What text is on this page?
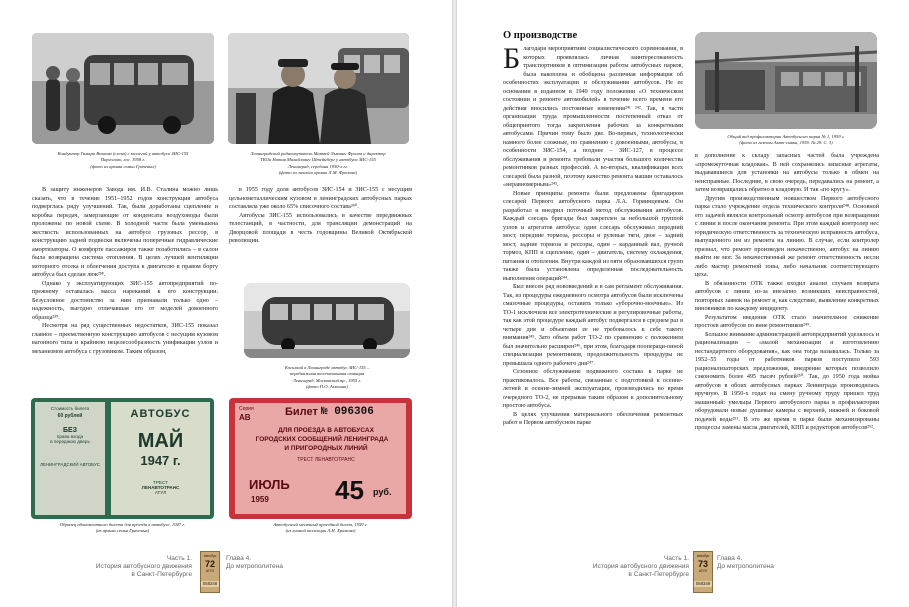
Кондуктор Тамара Волкова (слева) с коллегой у автобуса ЗИС-155
Парголово, гос. 1958 г.
(фото из архива семьи Грачевых)
Ленинградский радиоизупитель Матвей Львович Фролов и директор
ТКОа Натан Михайлович Штейнберг у автобуса ЗИС-155
Ленинград, середина 1950-х гг.
(фото из личного архива Л.М. Фролова)

В защиту инженеров Завода им. И.В. Сталина можно лишь сказать, что в течение 1951–1952 годов конструкция автобуса подверглась ряду улучшений. Так, были доработаны сцепление и коробка передач, замерзающие от конденсата воздуховоды были проложены по новой схеме. В холодной части была уменьшена жесткость использованных на автобусе грузовых рессор, в конструкцию задней подвески включены поперечные гидравлические амортизаторы. О комфорте пассажиров также позаботились – в салон была возвращена система отопления. В целях лучшей вентиляции моторного отсека и облегчения доступа к двигателю в правом борту автобуса был сделан люк²³⁸.

Однако у эксплуатирующих ЗИС-155 автопредприятий по-прежнему оставалась масса нареканий к его конструкции. Безусловное достоинство за ним признавали только одно – надежность, выгодно отличавшая его от моделей довоенного образца²³⁹.

Несмотря на ряд существенных недостатков, ЗИС-155 показал главное – преемственную конструкцию автобусов с несущим кузовом вагонного типа и крайнюю нецелесообразность унификации узлов и механизмов автобуса с грузовиком. Таким образом,

в 1955 году доля автобусов ЗИС-154 и ЗИС-155 с несущим цельнометаллическим кузовом в ленинградских автобусных парках составляла уже около 65% списочного состава²⁴⁰.

Автобусы ЗИС-155 использовались в качестве передвижных телестанций, в частности, для трансляции демонстраций на Дворцовой площади в честь годовщины Великой Октябрьской революции.

Косилкий в Ленинграде автобус ЗИС-155 –
передвижная телевизионная станция
Ленинград, Московский пр., 1955 г.
(фото П.О. Амелина)
Стоимость билета
60 рублей
БЕЗ
права входа
в переднюю дверь
ЛЕНИНГРАДСКИЙ АВТОБУС
АВТОБУС
МАЙ
1947 г.
ТРЕСТ
ЛЕНАВТОТРАНС
АТУЛ
Образец абонементного билета для проезда в автобусе, 1947 г.
(из архива семьи Грачевых)
Серия
АВ	Билет № 096306
ДЛЯ ПРОЕЗДА В АВТОБУСАХ
ГОРОДСКИХ СООБЩЕНИЙ ЛЕНИНГРАДА
И ПРИГОРОДНЫХ ЛИНИЙ
ТРЕСТ ЛЕНАВТОТРАНС
ИЮЛЬ
1959	45 руб.
Автобусный месячный проездной билет, 1959 г.
(из личной коллекции А.Н. Храмова)
Часть 1.
История автобусного движения
в Санкт-Петербурге
Автобус
72
АТУЛ
058348
Глава 4.
До метрополитена
О производстве
Б лагодаря мероприятиям социалистического соревнования, в которых проявлялась личная заинтересованность транспортников в оптимизации работы автобусных парков, была накоплена и обобщена различная информация об особенностях эксплуатации и обслуживания автобусов. Не ее основании в изданном в 1949 году положении «О техническом состоянии и ремонте автомобилей» в течение всего времени его действия вносились постоянные изменения²⁴¹ ²⁴². Так, в части организации труда промышленности постепенный отказ от общеприятого тогда закрепления рабочих за конкретными автобусами. Причин тому было две. Во-первых, технологически намного более сложные, по сравнению с довоенными, автобусы, в особенности ЗИС-154, а позднее – ЗИС-127, в процессе обслуживания и ремонта требовали участия большого количества ремонтников разных профессий. А во-вторых, квалификация всех слесарей была разной, поэтому качество ремонта машин оставалось «неравномерным»²⁴³.

Новые принципы ремонта были предложены бригадиром слесарей Первого автобусного парка Л.А. Горяинцевым. Он разработал и внедрил поточный метод обслуживания автобусов. Каждый слесарь бригады был закреплен за небольшой группой узлов и агрегатов автобуса: один слесарь обслуживал передний мост, передние тормоза, рессоры и рулевые тяги, двое – задний мост, задние тормоза и рессоры, один – карданный вал, ручной тормоз, КПП и сцепление, один – двигатель, систему охлаждения, питания и отопления. Внутри каждой из пяти образовавшихся групп также была установлена определенная последовательность выполнения операций²⁴⁴.

Был внесен ряд нововведений и в сам регламент обслуживания. Так, из процедуры ежедневного осмотра автобусов были исключены смазочные процедуры, оставить только «уборочно-моечные». Из ТО-1 исключили все электротехнические и регулировочные работы, так как этой процедуре каждый автобус подвергался в среднем раз в четыре дня и объектами ее не требовалось к себе такого внимания²⁴⁵. Зато объем работ ТО-2 по сравнению с положением был значительно расширен²⁴⁶, при этом, благодаря поопераци-онной специализации ремонтников, продолжительность процедуры не превышала одного рабочего дня²⁴⁷.

Сезонное обслуживание подвижного состава в парке не практиковалось. Все работы, связанные с подготовкой к осенне-летней и осенне-зимней эксплуатации, производились во время очередного ТО-2, не прерывая таким образом к дополнительному простою автобуса.

В целях улучшения материального обеспечения ремонтных работ в Первом автобусном парке

Общий вид профилактории Автобусного парка № 1, 1959 г.
(фото из газеты Авто-сывки, 1959. № 29. С. 3)

в дополнение к складу запасных частей была учреждена «промежуточная кладовая». В ней сохранялись запасные агрегаты, выдававшиеся для установки на автобусы только в обмен на неисправные. Последние, в свою очередь, передавались на ремонт, а затем возвращались обратно в кладовую. И так «по кругу».

Другим производственным новшеством Первого автобусного парка стало учреждение отдела технического контроля²⁴⁸. Основной его задачей являлся контрольный осмотр автобусов при возвращении с линии и после окончания ремонта. При этом каждый контролер нес юридическую ответственность за техническую исправность автобуса, выпущенного им из ремонта на линию. В случае, если контролер признал, что ремонт произведен некачественно, автобус на линию выйти не мог. За некачественный же ремонт ответственность несли либо мастер ремонтной зоны, либо начальник соответствующего цеха.

В обязанности ОТК также входил анализ случаев возврата автобусов с линии из-за внезапно возникших неисправностей, повторных заявок на ремонт и, как следствие, выявление конкретных виновников по каждому инциденту.

Результатом введения ОТК стало значительное снижение простоев автобусов по вине ремонтников²⁴⁹.

Большое внимание администрацией автопредприятий уделялось и рационализации – «малой механизации и изготовлению нестандартного оборудования», как она тогда называлась. Только за 1952–55 годы от работников парков поступило 593 рационализаторских предложения, внедрение которых позволило сэкономить более 495 тысяч рублей²⁵⁰. Так, до 1950 года мойка автобусов в обоих автобусных парках Ленинграда производилась вручную. В 1950-х годах на смену ручному труду пришел труд машинный: умельцы Первого автобусного парка в профилактории оборудовали новые душевые камеры с верхней, нижней и боковой подачей воды²⁵¹. В это же время в парке были механизированы процессы замены масла двигателей, КПП и редукторов автобусов²⁵².

Часть 1.
История автобусного движения
в Санкт-Петербурге
Автобус
73
АТУЛ
058349
Глава 4.
До метрополитена
